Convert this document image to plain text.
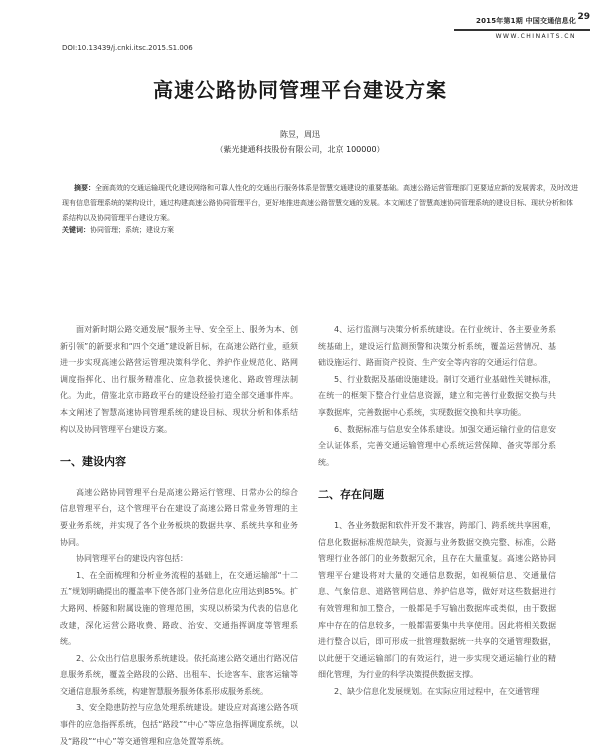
2015年第1期 中国交通信息化 29
WWW.CHINAITS.CN
DOI:10.13439/j.cnki.itsc.2015.S1.006
高速公路协同管理平台建设方案
陈昱，周迅
（紫光捷通科技股份有限公司，北京 100000）
摘要：全面高效的交通运输现代化建设网络和可靠人性化的交通出行服务体系是智慧交通建设的重要基础。高速公路运营管理部门更要适应新的发展需求，及时改进现有信息管理系统的架构设计，通过构建高速公路协同管理平台，更好地推进高速公路智慧交通的发展。本文阐述了智慧高速协同管理系统的建设目标、现状分析和体系结构以及协同管理平台建设方案。
关键词：协同管理；系统；建设方案

面对新时期公路交通发展“服务主导、安全至上、服务为本、创新引领”的新要求和“四个交通”建设新目标，在高速公路行业，亟须进一步实现高速公路营运管理决策科学化、养护作业规范化、路网调度指挥化、出行服务精准化、应急救援快速化、路政管理法制化。为此，借鉴北京市路政平台的建设经验打造全部交通事件库。本文阐述了智慧高速协同管理系统的建设目标、现状分析和体系结构以及协同管理平台建设方案。

一、建设内容

高速公路协同管理平台是高速公路运行管理、日常办公的综合信息管理平台，这个管理平台在建设了高速公路日常业务管理的主要业务系统，并实现了各个业务板块的数据共享、系统共享和业务协同。

协同管理平台的建设内容包括：

1、在全面梳理和分析业务流程的基础上，在交通运输部“十二五”规划明确提出的覆盖率下使各部门业务信息化应用达到85%。扩大路网、桥隧和附属设施的管理范围，实现以桥梁为代表的信息化改建，深化运营公路收费、路政、治安、交通指挥调度等管理系统。

2、公众出行信息服务系统建设。依托高速公路交通出行路况信息服务系统，覆盖全路段的公路、出租车、长途客车、旅客运输等交通信息服务系统，构建智慧服务服务体系形成服务系统。

3、安全隐患防控与应急处理系统建设。建设应对高速公路各项事件的应急指挥系统，包括“路段”“中心”等应急指挥调度系统，以及“路段”“中心”等交通管理和应急处置等系统。

4、运行监测与决策分析系统建设。在行业统计、各主要业务系统基础上，建设运行监测预警和决策分析系统，覆盖运营情况、基础设施运行、路面资产投资、生产安全等内容的交通运行信息。

5、行业数据及基础设施建设。制订交通行业基础性关键标准，在统一的框架下整合行业信息资源，建立和完善行业数据交换与共享数据库，完善数据中心系统，实现数据交换和共享功能。

6、数据标准与信息安全体系建设。加强交通运输行业的信息安全认证体系，完善交通运输管理中心系统运营保障、备灾等部分系统。

二、存在问题

1、各业务数据和软件开发不兼容，跨部门、跨系统共享困难，信息化数据标准规范缺失，资源与业务数据交换完整、标准，公路管理行业各部门的业务数据冗余，且存在大量重复。高速公路协同管理平台建设将对大量的交通信息数据，如视频信息、交通量信息、气象信息、道路管网信息、养护信息等，做好对这些数据进行有效管理和加工整合，一般都是手写输出数据库或类似，由于数据库中存在的信息较多，一般都需要集中共享使用。因此将相关数据进行整合以后，即可形成一批管理数据统一共享的交通管理数据，以此便于交通运输部门的有效运行，进一步实现交通运输行业的精细化管理，为行业的科学决策提供数据支撑。

2、缺少信息化发展规划。在实际应用过程中，在交通管理
